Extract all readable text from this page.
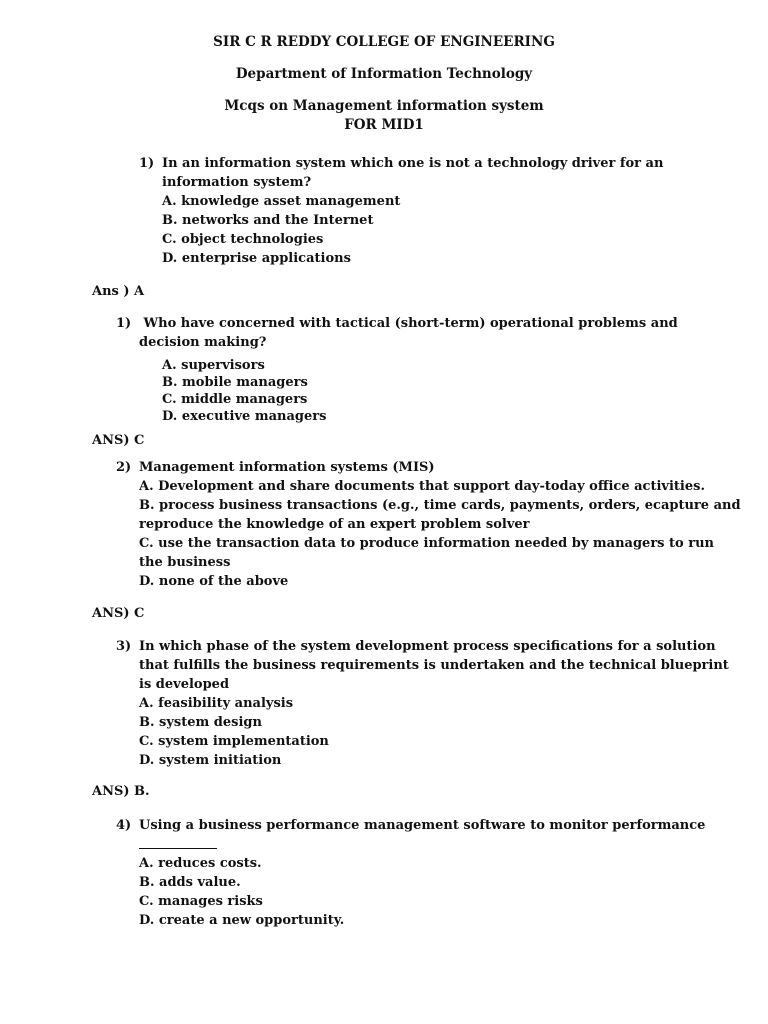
SIR C R REDDY COLLEGE OF ENGINEERING
Department of Information Technology
Mcqs on Management information system
FOR MID1
1) In an information system which one is not a technology driver for an
information system?
A. knowledge asset management
B. networks and the Internet
C. object technologies
D. enterprise applications
Ans ) A
1) Who have concerned with tactical (short-term) operational problems and
decision making?
A. supervisors
B. mobile managers
C. middle managers
D. executive managers
ANS) C
2) Management information systems (MIS)
A. Development and share documents that support day-today office activities.
B. process business transactions (e.g., time cards, payments, orders, ecapture and
reproduce the knowledge of an expert problem solver
C. use the transaction data to produce information needed by managers to run
the business
D. none of the above
ANS) C
3) In which phase of the system development process specifications for a solution
that fulfills the business requirements is undertaken and the technical blueprint
is developed
A. feasibility analysis
B. system design
C. system implementation
D. system initiation
ANS) B.
4) Using a business performance management software to monitor performance
A. reduces costs.
B. adds value.
C. manages risks
D. create a new opportunity.
